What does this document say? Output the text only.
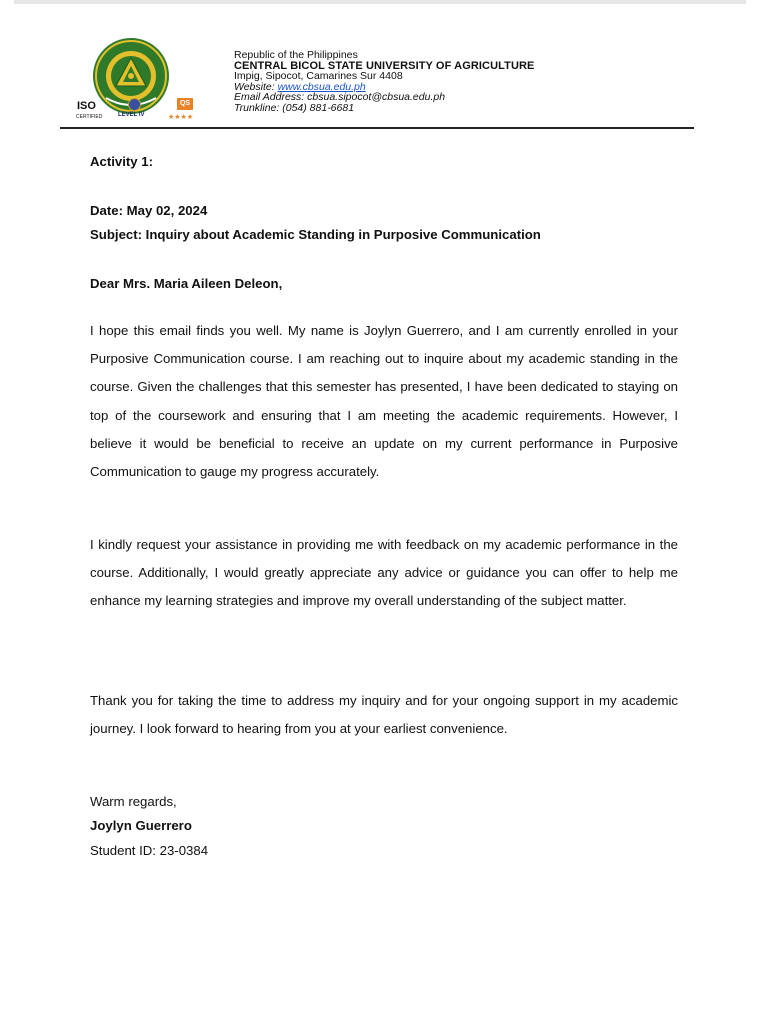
ISO
CERTIFIED	LEVEL IV
QS
★★★★
Republic of the Philippines
CENTRAL BICOL STATE UNIVERSITY OF AGRICULTURE
Impig, Sipocot, Camarines Sur 4408
Website: www.cbsua.edu.ph
Email Address: cbsua.sipocot@cbsua.edu.ph
Trunkline: (054) 881-6681
Activity 1:
Date: May 02, 2024
Subject: Inquiry about Academic Standing in Purposive Communication
Dear Mrs. Maria Aileen Deleon,
I hope this email finds you well. My name is Joylyn Guerrero, and I am currently enrolled in your Purposive Communication course. I am reaching out to inquire about my academic standing in the course. Given the challenges that this semester has presented, I have been dedicated to staying on top of the coursework and ensuring that I am meeting the academic requirements. However, I believe it would be beneficial to receive an update on my current performance in Purposive Communication to gauge my progress accurately.
I kindly request your assistance in providing me with feedback on my academic performance in the course. Additionally, I would greatly appreciate any advice or guidance you can offer to help me enhance my learning strategies and improve my overall understanding of the subject matter.
Thank you for taking the time to address my inquiry and for your ongoing support in my academic journey. I look forward to hearing from you at your earliest convenience.
Warm regards,
Joylyn Guerrero
Student ID: 23-0384
